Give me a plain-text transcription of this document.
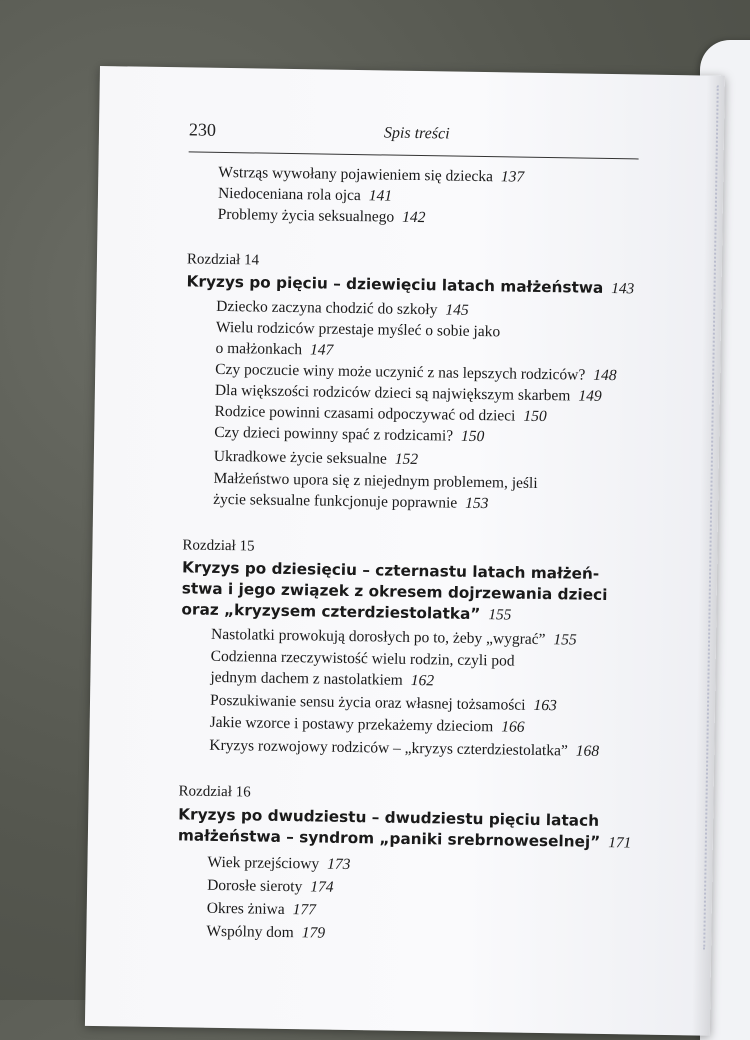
230	Spis treści
Wstrząs wywołany pojawieniem się dziecka 137
Niedoceniana rola ojca 141
Problemy życia seksualnego 142
Rozdział 14
Kryzys po pięciu – dziewięciu latach małżeństwa 143
Dziecko zaczyna chodzić do szkoły 145
Wielu rodziców przestaje myśleć o sobie jako
o małżonkach 147
Czy poczucie winy może uczynić z nas lepszych rodziców? 148
Dla większości rodziców dzieci są największym skarbem 149
Rodzice powinni czasami odpoczywać od dzieci 150
Czy dzieci powinny spać z rodzicami? 150
Ukradkowe życie seksualne 152
Małżeństwo upora się z niejednym problemem, jeśli
życie seksualne funkcjonuje poprawnie 153
Rozdział 15
Kryzys po dziesięciu – czternastu latach małżeń-
stwa i jego związek z okresem dojrzewania dzieci
oraz „kryzysem czterdziestolatka” 155
Nastolatki prowokują dorosłych po to, żeby „wygrać” 155
Codzienna rzeczywistość wielu rodzin, czyli pod
jednym dachem z nastolatkiem 162
Poszukiwanie sensu życia oraz własnej tożsamości 163
Jakie wzorce i postawy przekażemy dzieciom 166
Kryzys rozwojowy rodziców – „kryzys czterdziestolatka” 168
Rozdział 16
Kryzys po dwudziestu – dwudziestu pięciu latach
małżeństwa – syndrom „paniki srebrnoweselnej” 171
Wiek przejściowy 173
Dorosłe sieroty 174
Okres żniwa 177
Wspólny dom 179
